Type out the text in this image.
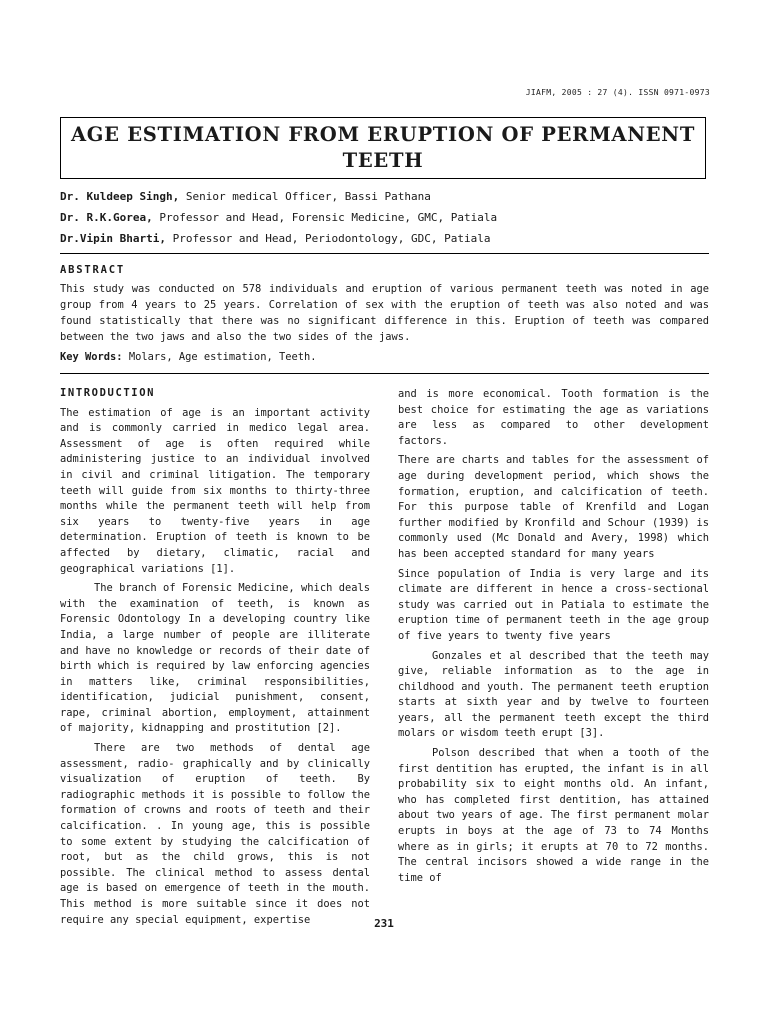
JIAFM, 2005 : 27 (4). ISSN 0971-0973
AGE ESTIMATION FROM ERUPTION OF PERMANENT TEETH
Dr. Kuldeep Singh, Senior medical Officer, Bassi Pathana
Dr. R.K.Gorea, Professor and Head, Forensic Medicine, GMC, Patiala
Dr.Vipin Bharti, Professor and Head, Periodontology, GDC, Patiala
ABSTRACT
This study was conducted on 578 individuals and eruption of various permanent teeth was noted in age group from 4 years to 25 years. Correlation of sex with the eruption of teeth was also noted and was found statistically that there was no significant difference in this. Eruption of teeth was compared between the two jaws and also the two sides of the jaws.
Key Words: Molars, Age estimation, Teeth.
INTRODUCTION

The estimation of age is an important activity and is commonly carried in medico legal area. Assessment of age is often required while administering justice to an individual involved in civil and criminal litigation. The temporary teeth will guide from six months to thirty-three months while the permanent teeth will help from six years to twenty-five years in age determination. Eruption of teeth is known to be affected by dietary, climatic, racial and geographical variations [1].

The branch of Forensic Medicine, which deals with the examination of teeth, is known as Forensic Odontology In a developing country like India, a large number of people are illiterate and have no knowledge or records of their date of birth which is required by law enforcing agencies in matters like, criminal responsibilities, identification, judicial punishment, consent, rape, criminal abortion, employment, attainment of majority, kidnapping and prostitution [2].

There are two methods of dental age assessment, radio- graphically and by clinically visualization of eruption of teeth. By radiographic methods it is possible to follow the formation of crowns and roots of teeth and their calcification. . In young age, this is possible to some extent by studying the calcification of root, but as the child grows, this is not possible. The clinical method to assess dental age is based on emergence of teeth in the mouth. This method is more suitable since it does not require any special equipment, expertise

and is more economical. Tooth formation is the best choice for estimating the age as variations are less as compared to other development factors.

There are charts and tables for the assessment of age during development period, which shows the formation, eruption, and calcification of teeth. For this purpose table of Krenfild and Logan further modified by Kronfild and Schour (1939) is commonly used (Mc Donald and Avery, 1998) which has been accepted standard for many years

Since population of India is very large and its climate are different in hence a cross-sectional study was carried out in Patiala to estimate the eruption time of permanent teeth in the age group of five years to twenty five years

Gonzales et al described that the teeth may give, reliable information as to the age in childhood and youth. The permanent teeth eruption starts at sixth year and by twelve to fourteen years, all the permanent teeth except the third molars or wisdom teeth erupt [3].

Polson described that when a tooth of the first dentition has erupted, the infant is in all probability six to eight months old. An infant, who has completed first dentition, has attained about two years of age. The first permanent molar erupts in boys at the age of 73 to 74 Months where as in girls; it erupts at 70 to 72 months. The central incisors showed a wide range in the time of

231
